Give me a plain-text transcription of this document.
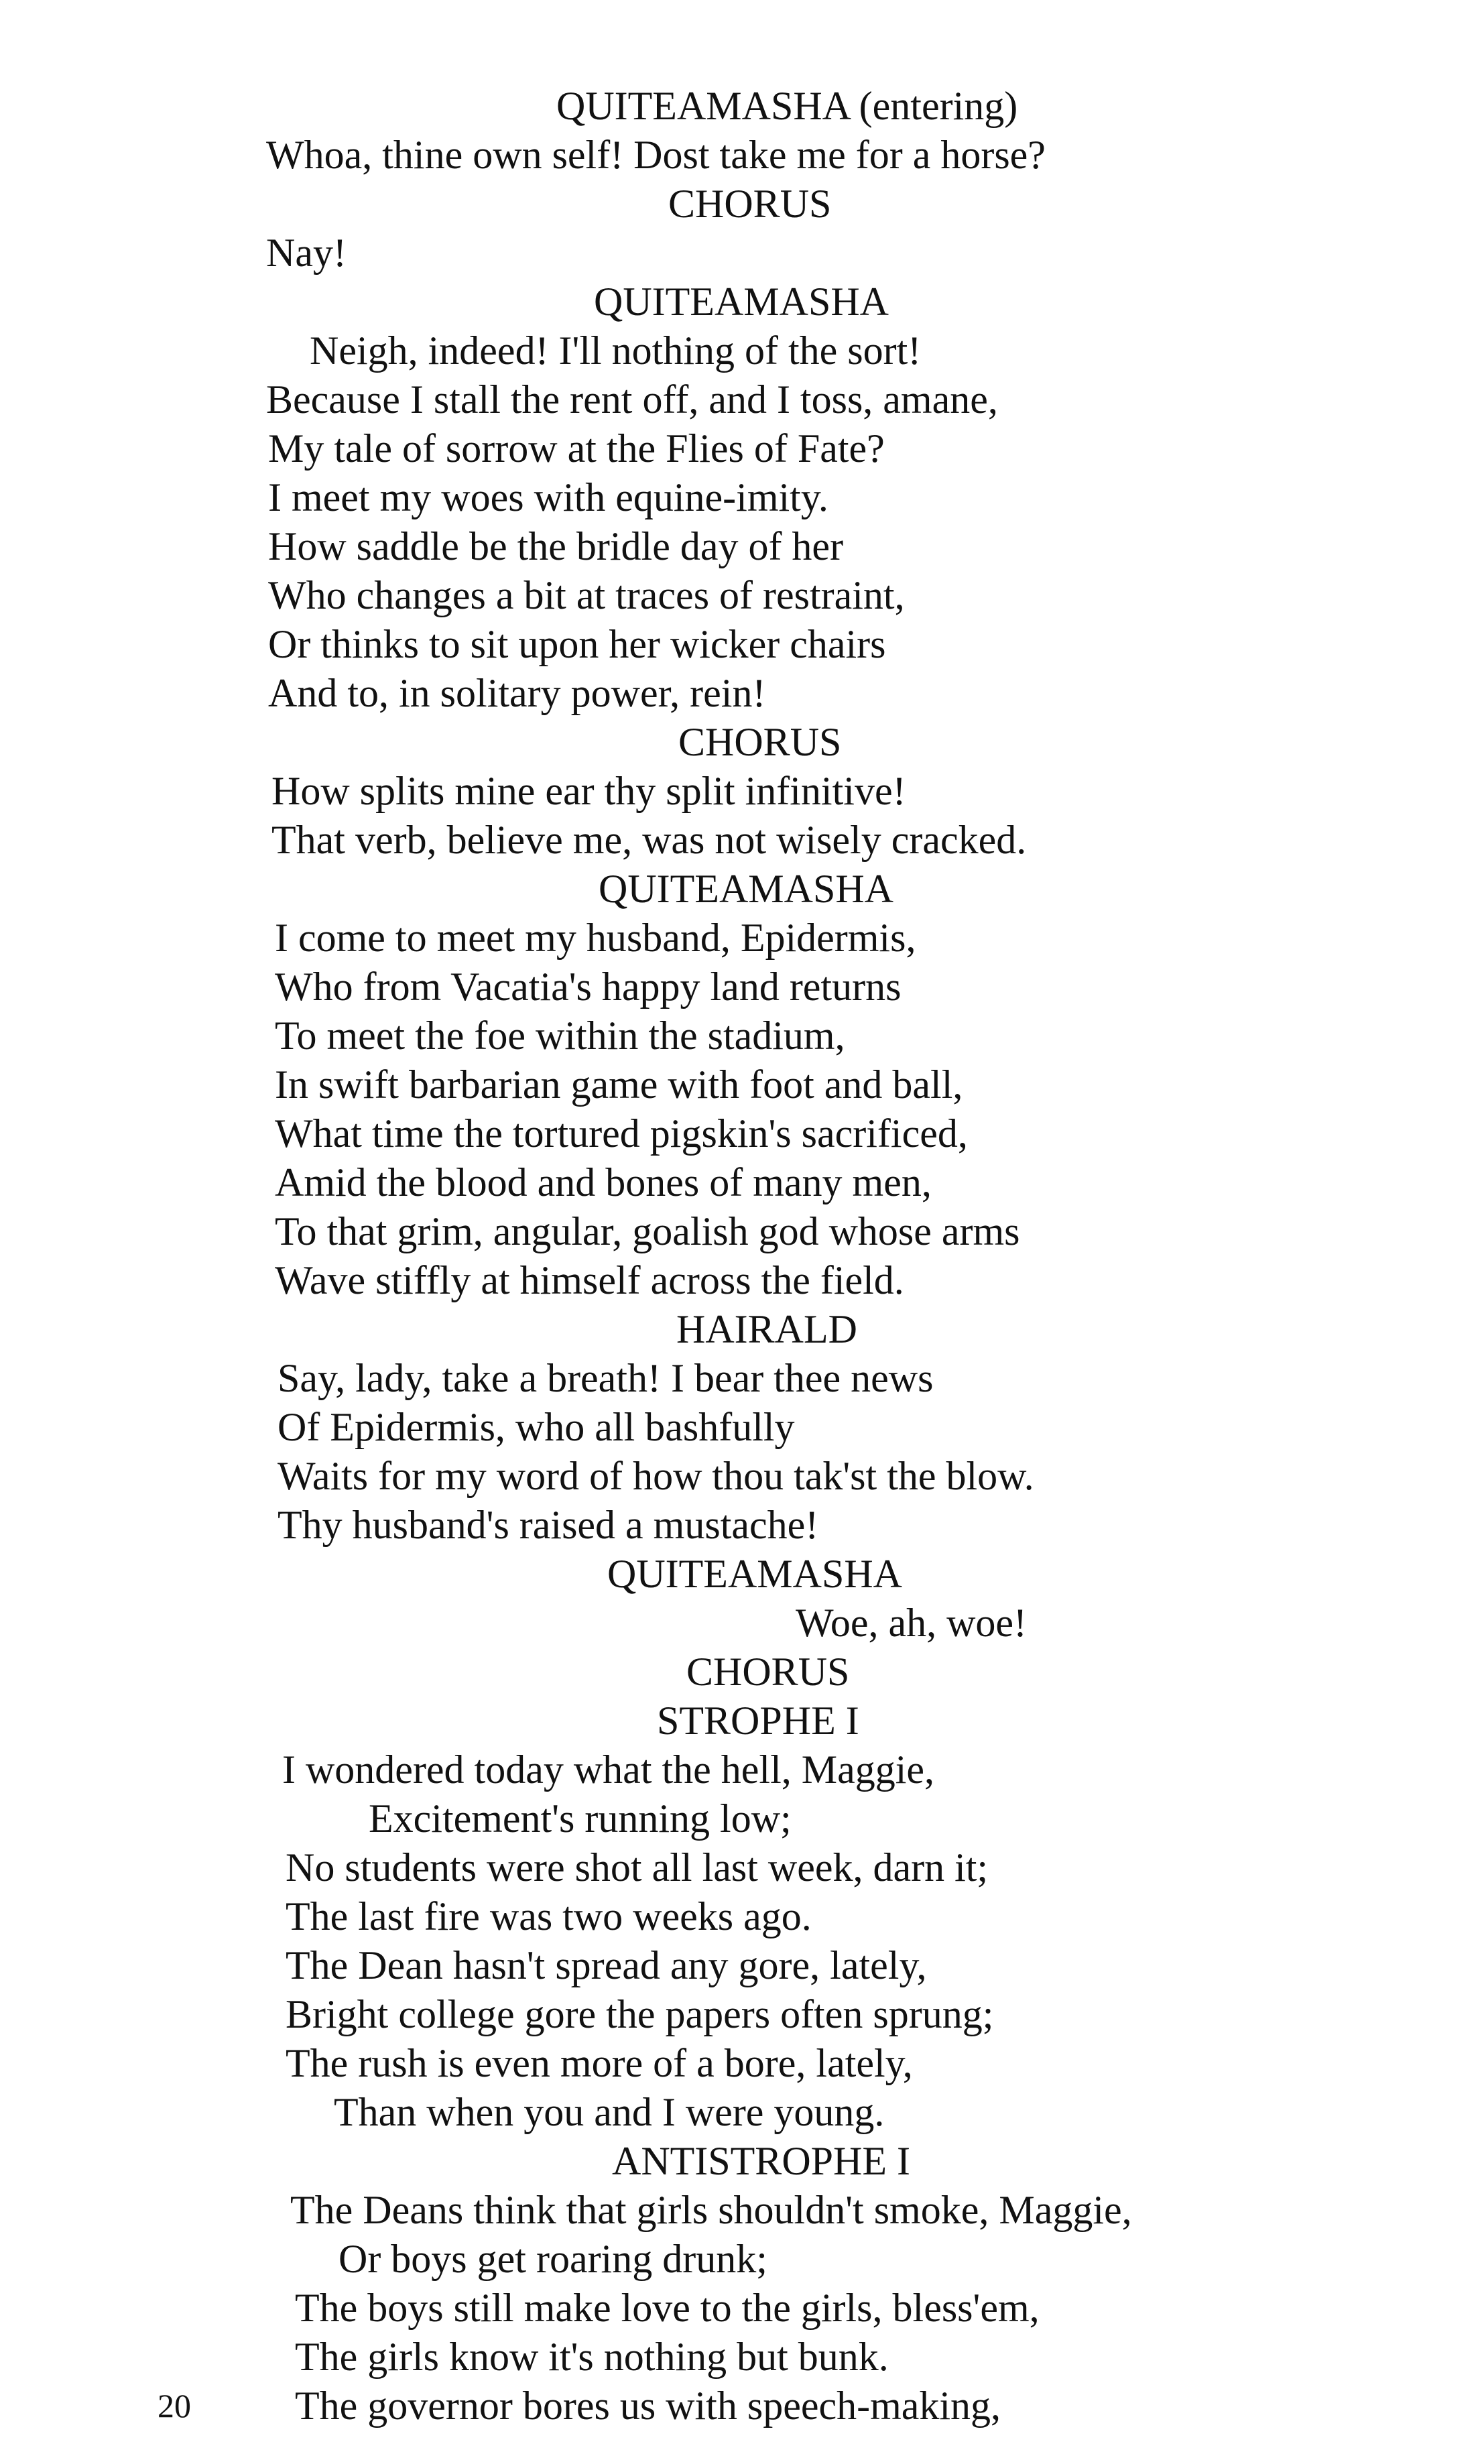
QUITEAMASHA (entering)
Whoa, thine own self! Dost take me for a horse?
CHORUS
Nay!
QUITEAMASHA
Neigh, indeed! I'll nothing of the sort!
Because I stall the rent off, and I toss, amane,
My tale of sorrow at the Flies of Fate?
I meet my woes with equine-imity.
How saddle be the bridle day of her
Who changes a bit at traces of restraint,
Or thinks to sit upon her wicker chairs
And to, in solitary power, rein!
CHORUS
How splits mine ear thy split infinitive!
That verb, believe me, was not wisely cracked.
QUITEAMASHA
I come to meet my husband, Epidermis,
Who from Vacatia's happy land returns
To meet the foe within the stadium,
In swift barbarian game with foot and ball,
What time the tortured pigskin's sacrificed,
Amid the blood and bones of many men,
To that grim, angular, goalish god whose arms
Wave stiffly at himself across the field.
HAIRALD
Say, lady, take a breath! I bear thee news
Of Epidermis, who all bashfully
Waits for my word of how thou tak'st the blow.
Thy husband's raised a mustache!
QUITEAMASHA
Woe, ah, woe!
CHORUS
STROPHE I
I wondered today what the hell, Maggie,
Excitement's running low;
No students were shot all last week, darn it;
The last fire was two weeks ago.
The Dean hasn't spread any gore, lately,
Bright college gore the papers often sprung;
The rush is even more of a bore, lately,
Than when you and I were young.
ANTISTROPHE I
The Deans think that girls shouldn't smoke, Maggie,
Or boys get roaring drunk;
The boys still make love to the girls, bless'em,
The girls know it's nothing but bunk.
The governor bores us with speech-making,
20
